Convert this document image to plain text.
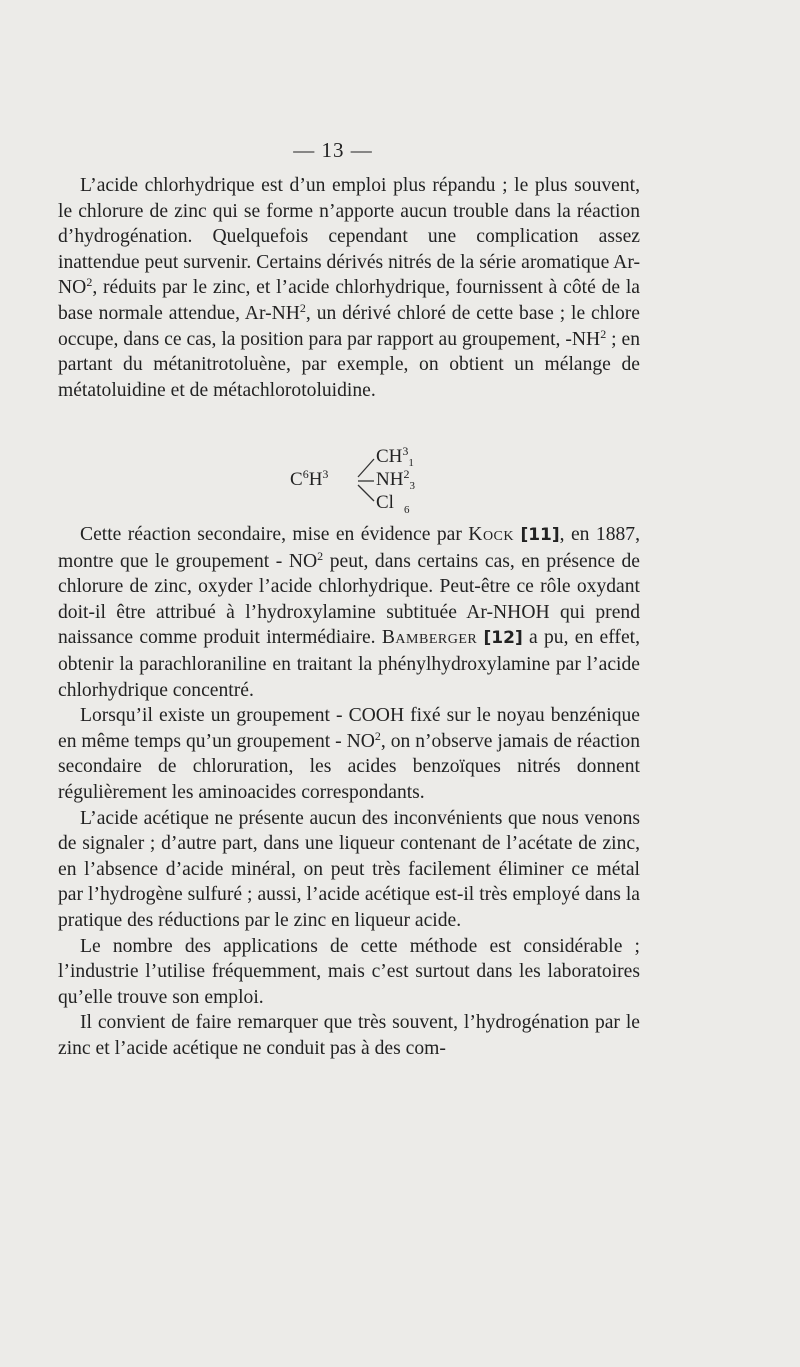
— 13 —

L’acide chlorhydrique est d’un emploi plus répandu ; le plus souvent, le chlorure de zinc qui se forme n’apporte aucun trouble dans la réaction d’hydrogénation. Quelquefois cependant une complication assez inattendue peut survenir. Certains dérivés nitrés de la série aromatique $Ar-NO^2$, réduits par le zinc, et l’acide chlorhydrique, fournissent à côté de la base normale attendue, $Ar-NH^2$, un dérivé chloré de cette base ; le chlore occupe, dans ce cas, la position para par rapport au groupement, $-NH^2$ ; en partant du métanitrotoluène, par exemple, on obtient un mélange de métatoluidine et de métachlorotoluidine.

$C^6H^3$
$CH^3_1$
$NH^2_3$
Cl $_6$

Cette réaction secondaire, mise en évidence par Kock [11], en 1887, montre que le groupement - $NO^2$ peut, dans certains cas, en présence de chlorure de zinc, oxyder l’acide chlorhydrique. Peut-être ce rôle oxydant doit-il être attribué à l’hydroxylamine subtituée Ar-NHOH qui prend naissance comme produit intermédiaire. Bamberger [12] a pu, en effet, obtenir la parachloraniline en traitant la phénylhydroxylamine par l’acide chlorhydrique concentré.

Lorsqu’il existe un groupement - COOH fixé sur le noyau benzénique en même temps qu’un groupement - $NO^2$, on n’observe jamais de réaction secondaire de chloruration, les acides benzoïques nitrés donnent régulièrement les aminoacides correspondants.

L’acide acétique ne présente aucun des inconvénients que nous venons de signaler ; d’autre part, dans une liqueur contenant de l’acétate de zinc, en l’absence d’acide minéral, on peut très facilement éliminer ce métal par l’hydrogène sulfuré ; aussi, l’acide acétique est-il très employé dans la pratique des réductions par le zinc en liqueur acide.

Le nombre des applications de cette méthode est considérable ; l’industrie l’utilise fréquemment, mais c’est surtout dans les laboratoires qu’elle trouve son emploi.

Il convient de faire remarquer que très souvent, l’hydrogénation par le zinc et l’acide acétique ne conduit pas à des com-
